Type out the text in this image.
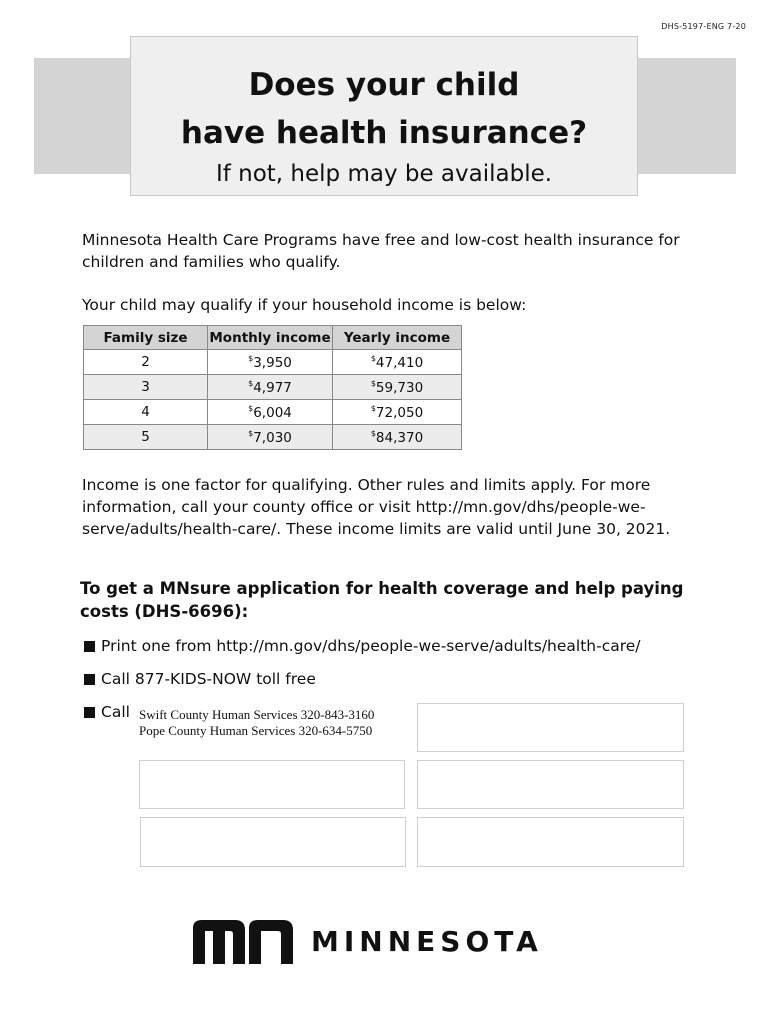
DHS-5197-ENG 7-20
Does your child
have health insurance?
If not, help may be available.
Minnesota Health Care Programs have free and low-cost health insurance for children and families who qualify.
Your child may qualify if your household income is below:
Family size	Monthly income	Yearly income
2	$3,950	$47,410
3	$4,977	$59,730
4	$6,004	$72,050
5	$7,030	$84,370
Income is one factor for qualifying. Other rules and limits apply. For more information, call your county office or visit http://mn.gov/dhs/people-we-serve/adults/health-care/. These income limits are valid until June 30, 2021.
To get a MNsure application for health coverage and help paying costs (DHS-6696):
Print one from http://mn.gov/dhs/people-we-serve/adults/health-care/
Call 877-KIDS-NOW toll free
Call Swift County Human Services 320-843-3160
Pope County Human Services 320-634-5750
MINNESOTA
